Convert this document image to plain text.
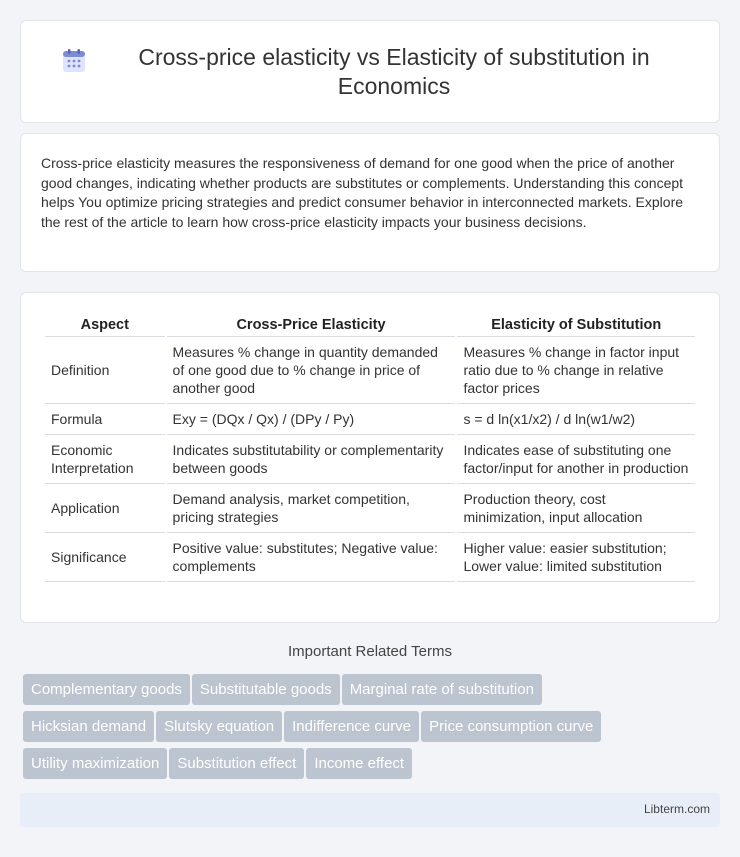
Cross-price elasticity vs Elasticity of substitution in Economics

Cross-price elasticity measures the responsiveness of demand for one good when the price of another good changes, indicating whether products are substitutes or complements. Understanding this concept helps You optimize pricing strategies and predict consumer behavior in interconnected markets. Explore the rest of the article to learn how cross-price elasticity impacts your business decisions.

Aspect	Cross-Price Elasticity	Elasticity of Substitution
Definition	Measures % change in quantity demanded of one good due to % change in price of another good	Measures % change in factor input ratio due to % change in relative factor prices
Formula	Exy = (DQx / Qx) / (DPy / Py)	s = d ln(x1/x2) / d ln(w1/w2)
Economic Interpretation	Indicates substitutability or complementarity between goods	Indicates ease of substituting one factor/input for another in production
Application	Demand analysis, market competition, pricing strategies	Production theory, cost minimization, input allocation
Significance	Positive value: substitutes; Negative value: complements	Higher value: easier substitution; Lower value: limited substitution
Important Related Terms
Complementary goods Substitutable goods Marginal rate of substitution
Hicksian demand Slutsky equation Indifference curve Price consumption curve
Utility maximization Substitution effect Income effect
Libterm.com
